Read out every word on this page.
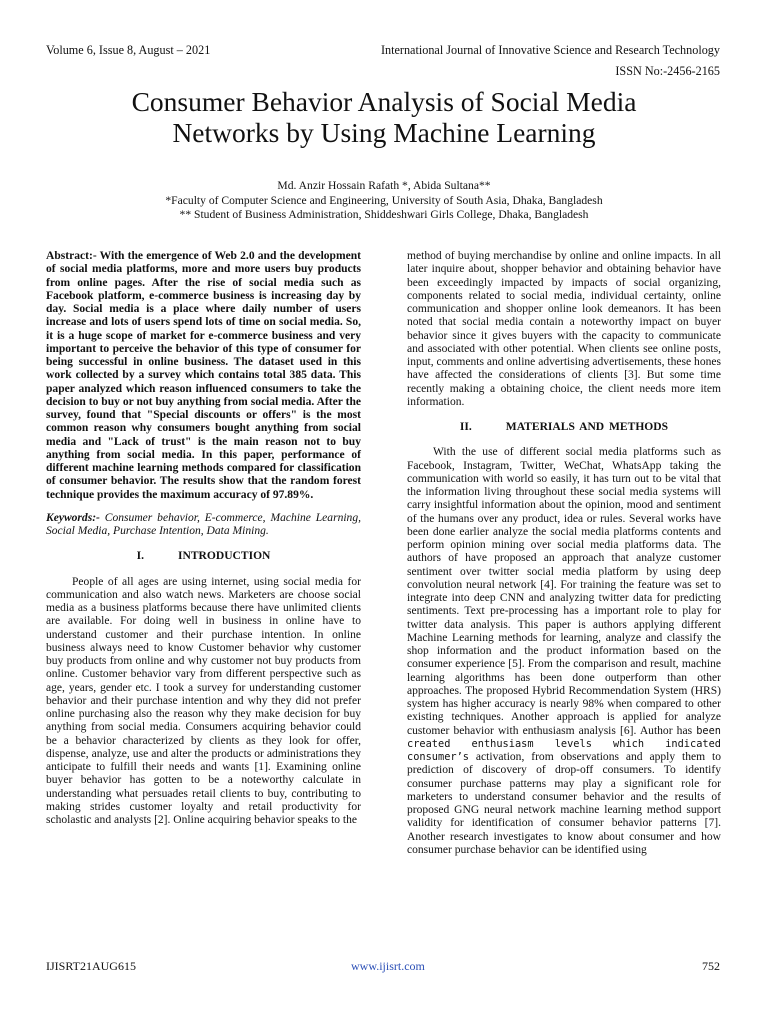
Volume 6, Issue 8, August – 2021	International Journal of Innovative Science and Research Technology
ISSN No:-2456-2165
Consumer Behavior Analysis of Social Media
Networks by Using Machine Learning
Md. Anzir Hossain Rafath *, Abida Sultana**
*Faculty of Computer Science and Engineering, University of South Asia, Dhaka, Bangladesh
** Student of Business Administration, Shiddeshwari Girls College, Dhaka, Bangladesh

Abstract:- With the emergence of Web 2.0 and the development of social media platforms, more and more users buy products from online pages. After the rise of social media such as Facebook platform, e-commerce business is increasing day by day. Social media is a place where daily number of users increase and lots of users spend lots of time on social media. So, it is a huge scope of market for e-commerce business and very important to perceive the behavior of this type of consumer for being successful in online business. The dataset used in this work collected by a survey which contains total 385 data. This paper analyzed which reason influenced consumers to take the decision to buy or not buy anything from social media. After the survey, found that "Special discounts or offers" is the most common reason why consumers bought anything from social media and "Lack of trust" is the main reason not to buy anything from social media. In this paper, performance of different machine learning methods compared for classification of consumer behavior. The results show that the random forest technique provides the maximum accuracy of 97.89%.

Keywords:- Consumer behavior, E-commerce, Machine Learning, Social Media, Purchase Intention, Data Mining.

I.	INTRODUCTION

People of all ages are using internet, using social media for communication and also watch news. Marketers are choose social media as a business platforms because there have unlimited clients are available. For doing well in business in online have to understand customer and their purchase intention. In online business always need to know Customer behavior why customer buy products from online and why customer not buy products from online. Customer behavior vary from different perspective such as age, years, gender etc. I took a survey for understanding customer behavior and their purchase intention and why they did not prefer online purchasing also the reason why they make decision for buy anything from social media. Consumers acquiring behavior could be a behavior characterized by clients as they look for offer, dispense, analyze, use and alter the products or administrations they anticipate to fulfill their needs and wants [1]. Examining online buyer behavior has gotten to be a noteworthy calculate in understanding what persuades retail clients to buy, contributing to making strides customer loyalty and retail productivity for scholastic and analysts [2]. Online acquiring behavior speaks to the

method of buying merchandise by online and online impacts. In all later inquire about, shopper behavior and obtaining behavior have been exceedingly impacted by impacts of social organizing, components related to social media, individual certainty, online communication and shopper online look demeanors. It has been noted that social media contain a noteworthy impact on buyer behavior since it gives buyers with the capacity to communicate and associated with other potential. When clients see online posts, input, comments and online advertising advertisements, these hones have affected the considerations of clients [3]. But some time recently making a obtaining choice, the client needs more item information.

II.	MATERIALS AND METHODS

With the use of different social media platforms such as Facebook, Instagram, Twitter, WeChat, WhatsApp taking the communication with world so easily, it has turn out to be vital that the information living throughout these social media systems will carry insightful information about the opinion, mood and sentiment of the humans over any product, idea or rules. Several works have been done earlier analyze the social media platforms contents and perform opinion mining over social media platforms data. The authors of have proposed an approach that analyze customer sentiment over twitter social media platform by using deep convolution neural network [4]. For training the feature was set to integrate into deep CNN and analyzing twitter data for predicting sentiments. Text pre-processing has a important role to play for twitter data analysis. This paper is authors applying different Machine Learning methods for learning, analyze and classify the shop information and the product information based on the consumer experience [5]. From the comparison and result, machine learning algorithms has been done outperform than other approaches. The proposed Hybrid Recommendation System (HRS) system has higher accuracy is nearly 98% when compared to other existing techniques. Another approach is applied for analyze customer behavior with enthusiasm analysis [6]. Author has been created enthusiasm levels which indicated consumer’s activation, from observations and apply them to prediction of discovery of drop-off consumers. To identify consumer purchase patterns may play a significant role for marketers to understand consumer behavior and the results of proposed GNG neural network machine learning method support validity for identification of consumer behavior patterns [7]. Another research investigates to know about consumer and how consumer purchase behavior can be identified using

IJISRT21AUG615	www.ijisrt.com	752
